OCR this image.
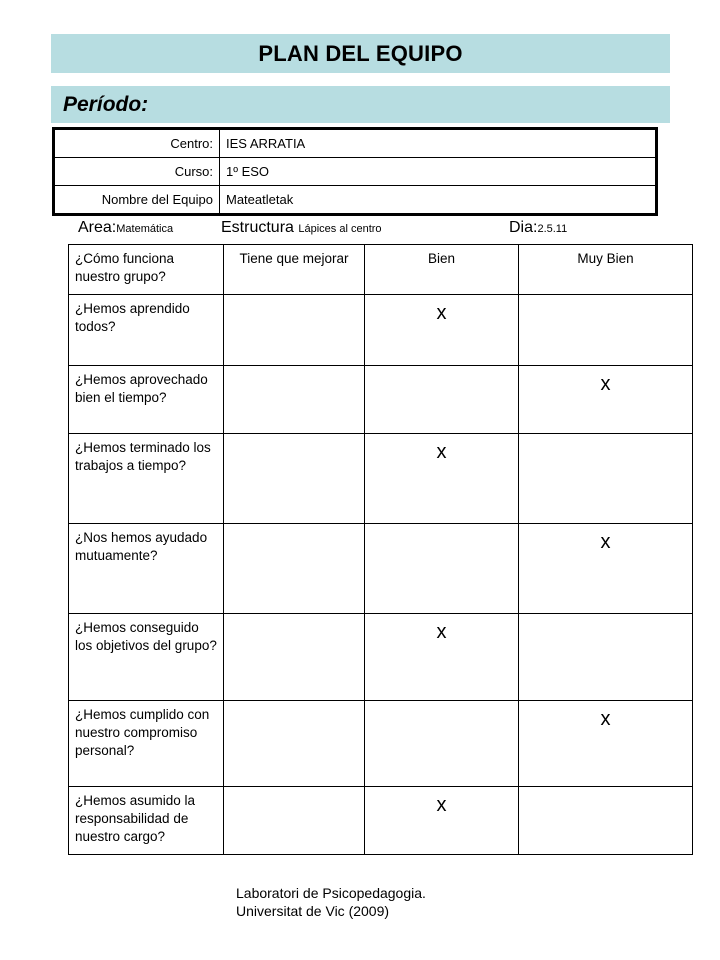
PLAN DEL EQUIPO
Período:
Centro:	IES ARRATIA
Curso:	1º ESO
Nombre del Equipo	Mateatletak
Area:Matemática	Estructura Lápices al centro	Dia:2.5.11
¿Cómo funciona nuestro grupo?	Tiene que mejorar	Bien	Muy Bien
¿Hemos aprendido todos?		x	
¿Hemos aprovechado bien el tiempo?			x
¿Hemos terminado los trabajos a tiempo?		x	
¿Nos hemos ayudado mutuamente?			x
¿Hemos conseguido los objetivos del grupo?		x	
¿Hemos cumplido con nuestro compromiso personal?			x
¿Hemos asumido la responsabilidad de nuestro cargo?		x	
Laboratori de Psicopedagogia.
Universitat de Vic (2009)
